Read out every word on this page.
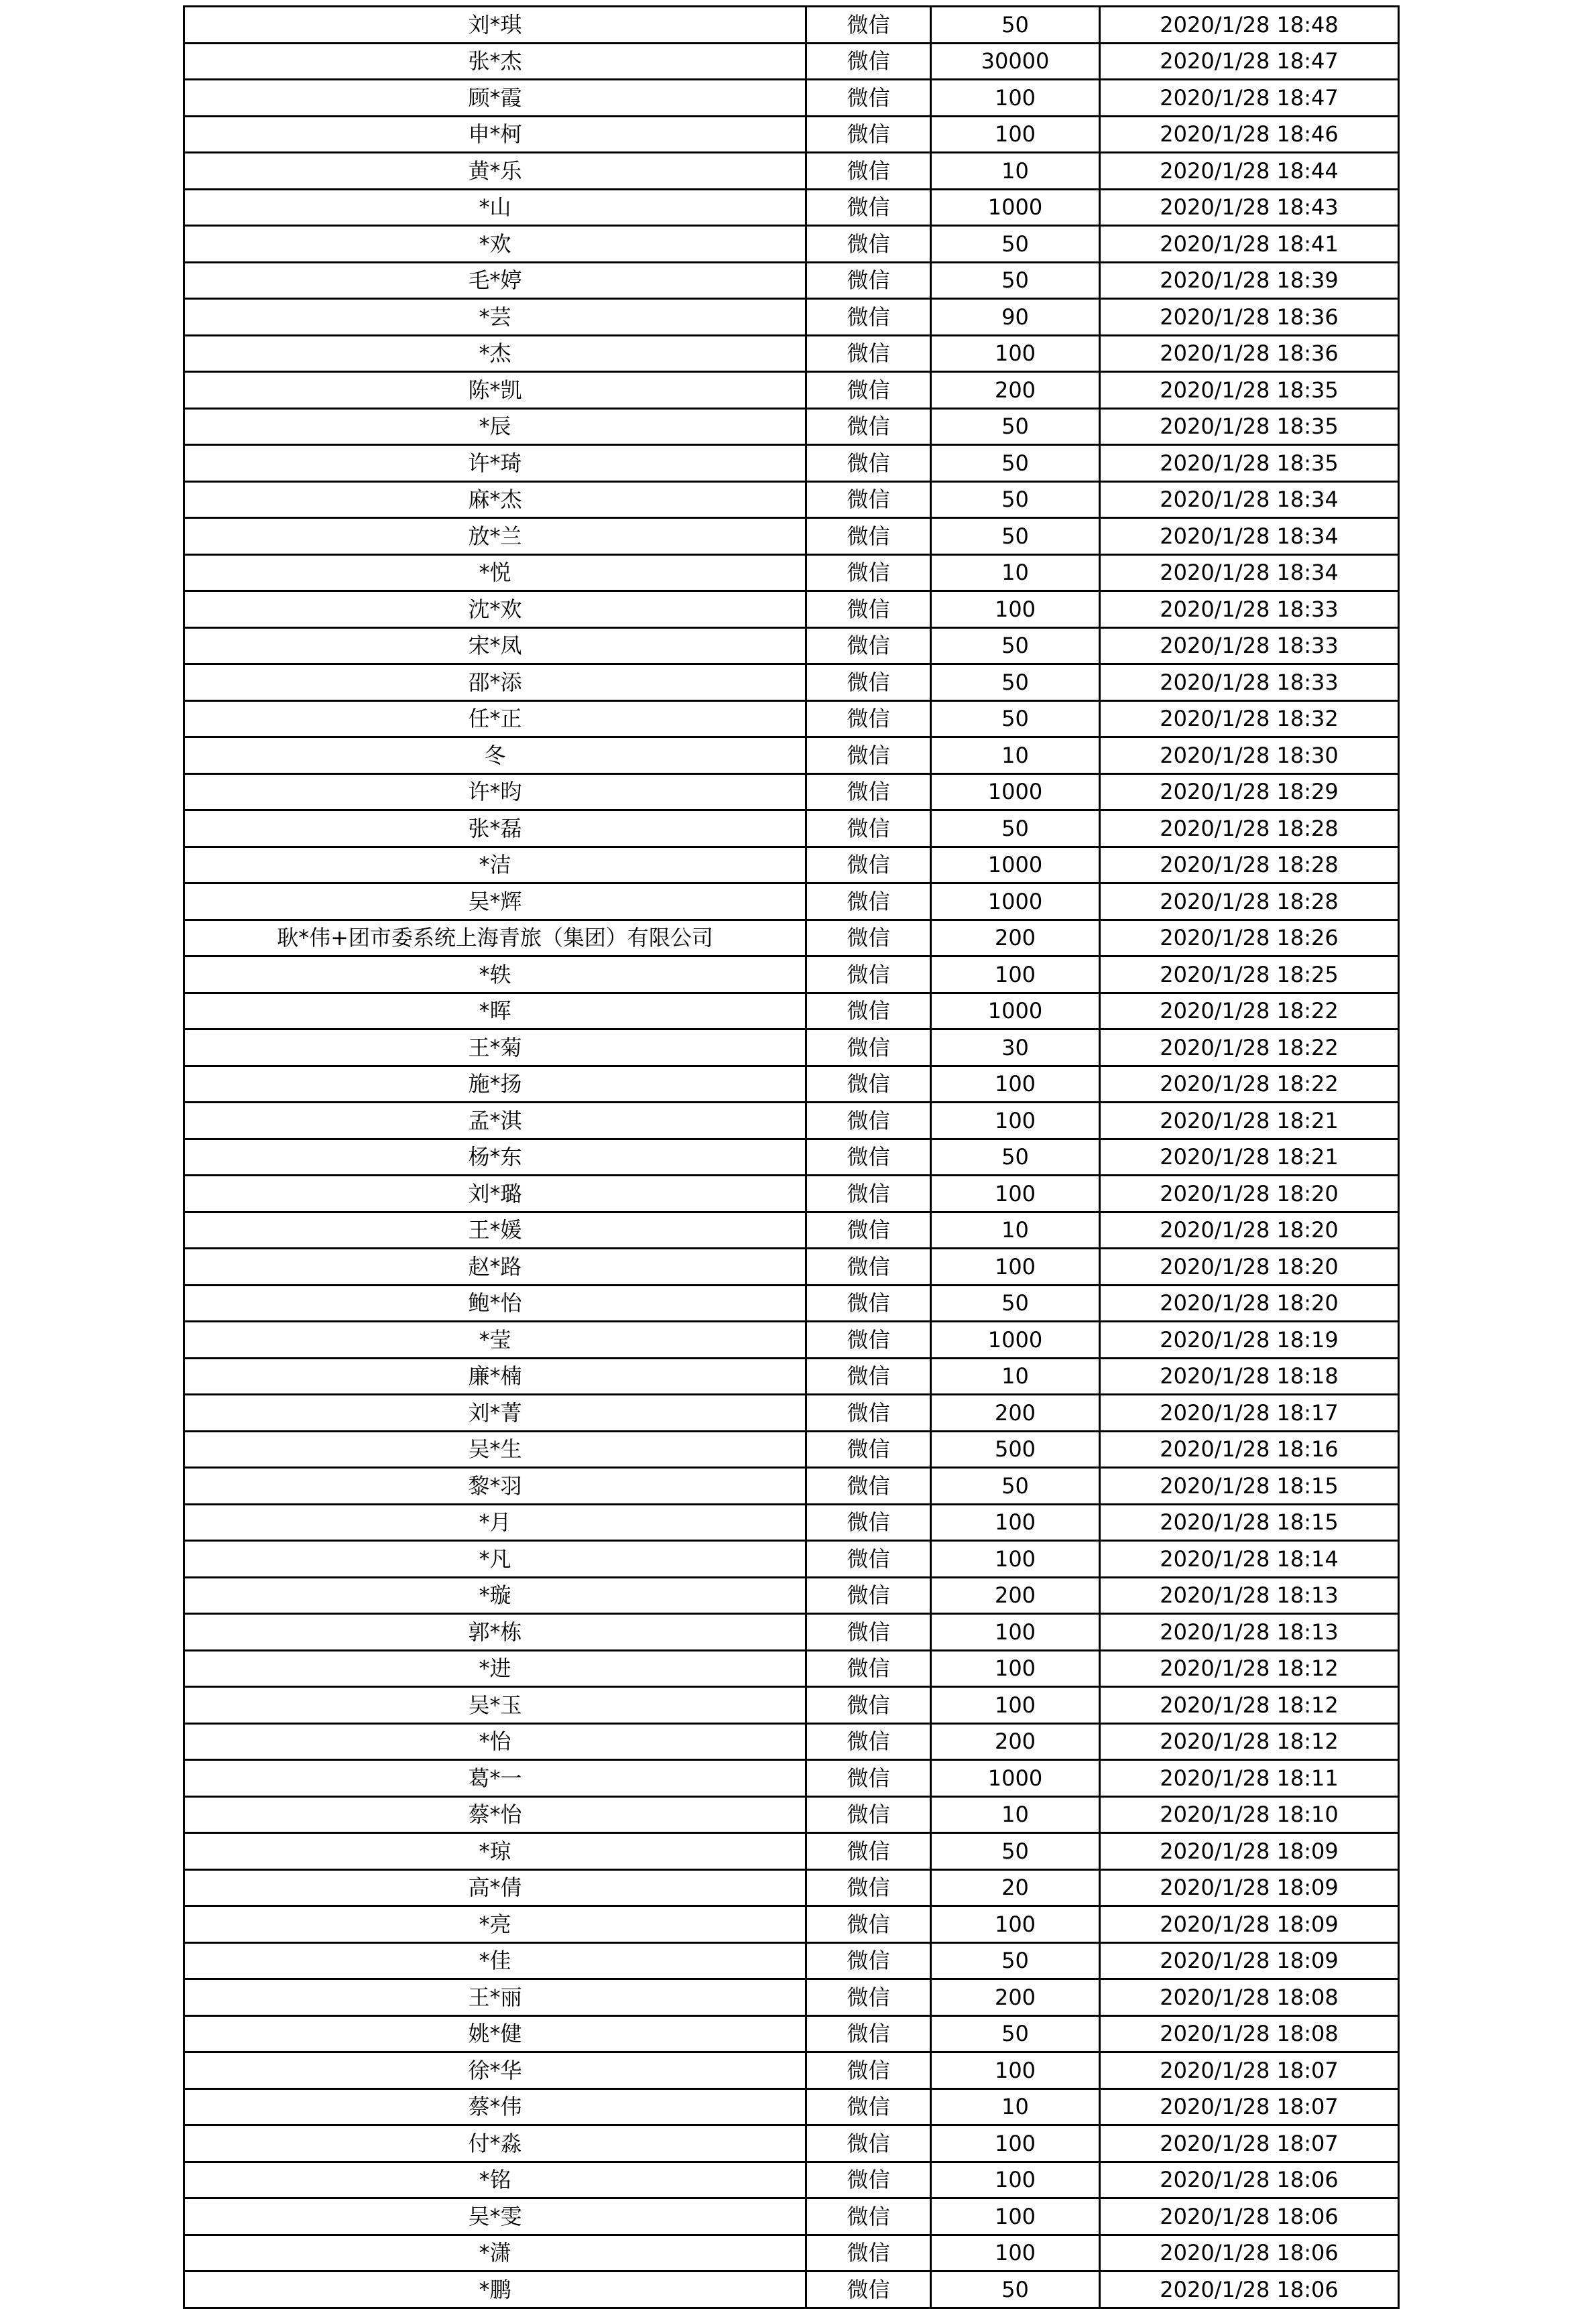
刘*琪	微信	50	2020/1/28 18:48
张*杰	微信	30000	2020/1/28 18:47
顾*霞	微信	100	2020/1/28 18:47
申*柯	微信	100	2020/1/28 18:46
黄*乐	微信	10	2020/1/28 18:44
*山	微信	1000	2020/1/28 18:43
*欢	微信	50	2020/1/28 18:41
毛*婷	微信	50	2020/1/28 18:39
*芸	微信	90	2020/1/28 18:36
*杰	微信	100	2020/1/28 18:36
陈*凯	微信	200	2020/1/28 18:35
*辰	微信	50	2020/1/28 18:35
许*琦	微信	50	2020/1/28 18:35
麻*杰	微信	50	2020/1/28 18:34
放*兰	微信	50	2020/1/28 18:34
*悦	微信	10	2020/1/28 18:34
沈*欢	微信	100	2020/1/28 18:33
宋*凤	微信	50	2020/1/28 18:33
邵*添	微信	50	2020/1/28 18:33
任*正	微信	50	2020/1/28 18:32
冬	微信	10	2020/1/28 18:30
许*昀	微信	1000	2020/1/28 18:29
张*磊	微信	50	2020/1/28 18:28
*洁	微信	1000	2020/1/28 18:28
吴*辉	微信	1000	2020/1/28 18:28
耿*伟+团市委系统上海青旅（集团）有限公司	微信	200	2020/1/28 18:26
*轶	微信	100	2020/1/28 18:25
*晖	微信	1000	2020/1/28 18:22
王*菊	微信	30	2020/1/28 18:22
施*扬	微信	100	2020/1/28 18:22
孟*淇	微信	100	2020/1/28 18:21
杨*东	微信	50	2020/1/28 18:21
刘*璐	微信	100	2020/1/28 18:20
王*媛	微信	10	2020/1/28 18:20
赵*路	微信	100	2020/1/28 18:20
鲍*怡	微信	50	2020/1/28 18:20
*莹	微信	1000	2020/1/28 18:19
廉*楠	微信	10	2020/1/28 18:18
刘*菁	微信	200	2020/1/28 18:17
吴*生	微信	500	2020/1/28 18:16
黎*羽	微信	50	2020/1/28 18:15
*月	微信	100	2020/1/28 18:15
*凡	微信	100	2020/1/28 18:14
*璇	微信	200	2020/1/28 18:13
郭*栋	微信	100	2020/1/28 18:13
*进	微信	100	2020/1/28 18:12
吴*玉	微信	100	2020/1/28 18:12
*怡	微信	200	2020/1/28 18:12
葛*一	微信	1000	2020/1/28 18:11
蔡*怡	微信	10	2020/1/28 18:10
*琼	微信	50	2020/1/28 18:09
高*倩	微信	20	2020/1/28 18:09
*亮	微信	100	2020/1/28 18:09
*佳	微信	50	2020/1/28 18:09
王*丽	微信	200	2020/1/28 18:08
姚*健	微信	50	2020/1/28 18:08
徐*华	微信	100	2020/1/28 18:07
蔡*伟	微信	10	2020/1/28 18:07
付*淼	微信	100	2020/1/28 18:07
*铭	微信	100	2020/1/28 18:06
吴*雯	微信	100	2020/1/28 18:06
*潇	微信	100	2020/1/28 18:06
*鹏	微信	50	2020/1/28 18:06
